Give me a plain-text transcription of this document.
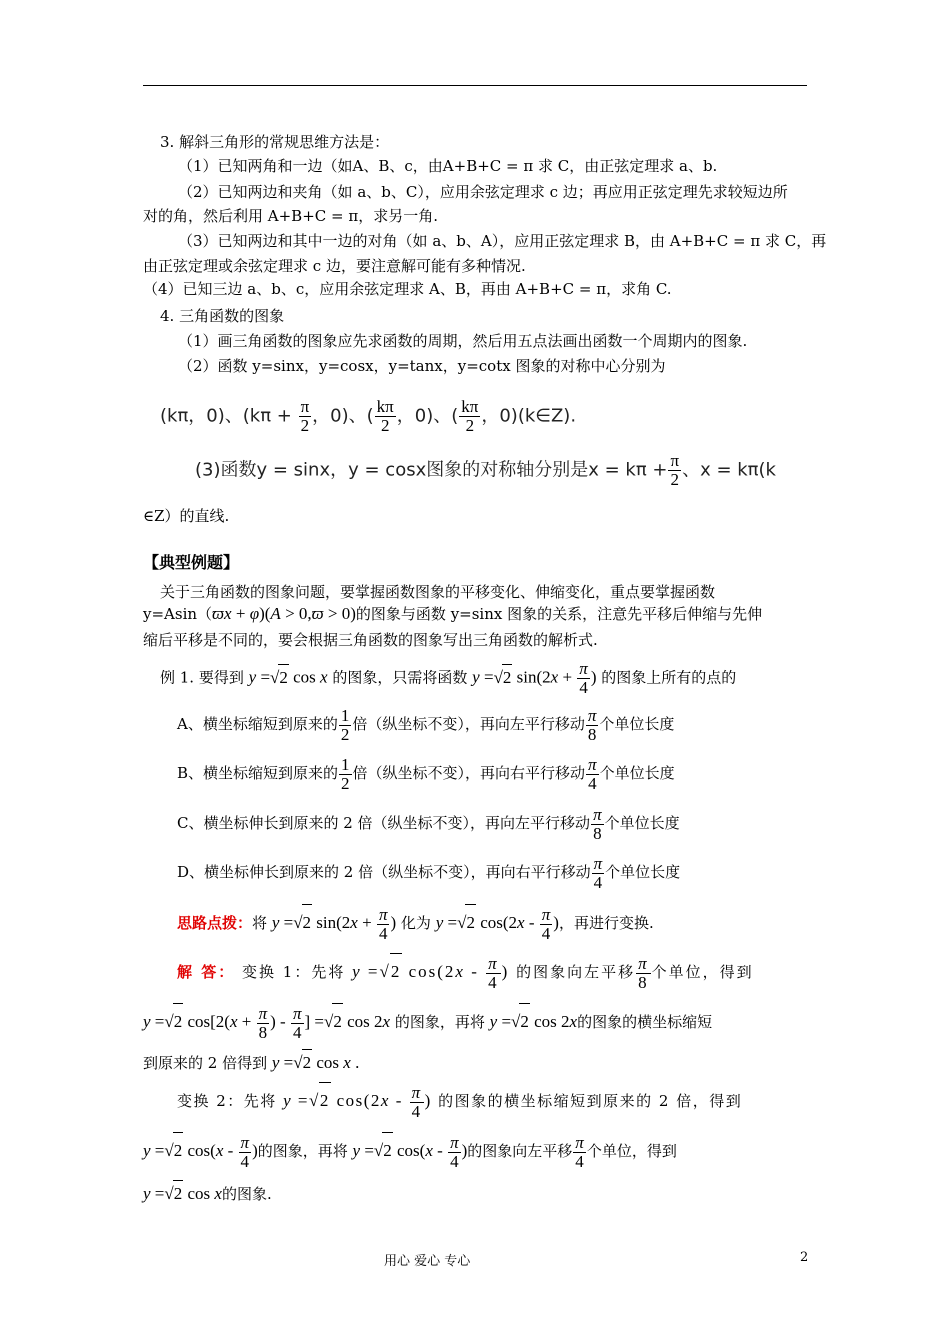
3. 解斜三角形的常规思维方法是：
（1）已知两角和一边（如A、B、c，由A+B+C = π 求 C，由正弦定理求 a、b.
（2）已知两边和夹角（如 a、b、C），应用余弦定理求 c 边；再应用正弦定理先求较短边所
对的角，然后利用 A+B+C = π，求另一角.
（3）已知两边和其中一边的对角（如 a、b、A），应用正弦定理求 B，由 A+B+C = π 求 C，再
由正弦定理或余弦定理求 c 边，要注意解可能有多种情况.
（4）已知三边 a、b、c，应用余弦定理求 A、B，再由 A+B+C = π，求角 C.
4. 三角函数的图象
（1）画三角函数的图象应先求函数的周期，然后用五点法画出函数一个周期内的图象.
（2）函数 y=sinx，y=cosx，y=tanx，y=cotx 图象的对称中心分别为
(kπ，0)、($k\pi + \frac{\pi}{2}$ ，0)、( $\frac{k\pi}{2}$ ，0)、( $\frac{k\pi}{2}$ ，0)(k∈Z).
(3)函数y = sinx，y = cosx图象的对称轴分别是$x = k\pi + \frac{\pi}{2}$ 、x = kπ(k
∈Z）的直线.
【典型例题】
关于三角函数的图象问题，要掌握函数图象的平移变化、伸缩变化，重点要掌握函数
y=Asin（ϖx + φ)(A > 0,ϖ > 0)的图象与函数 y=sinx 图象的关系，注意先平移后伸缩与先伸
缩后平移是不同的，要会根据三角函数的图象写出三角函数的解析式.
例 1. 要得到 y =√2 cos x 的图象，只需将函数 y =√2 $\sin(2x + \frac{\pi}{4}$ ) 的图象上所有的点的
A、横坐标缩短到原来的 $\frac{1}{2}$ 倍（纵坐标不变），再向左平行移动 $\frac{\pi}{8}$ 个单位长度
B、横坐标缩短到原来的 $\frac{1}{2}$ 倍（纵坐标不变），再向右平行移动 $\frac{\pi}{4}$ 个单位长度
C、横坐标伸长到原来的 2 倍（纵坐标不变），再向左平行移动 $\frac{\pi}{8}$ 个单位长度
D、横坐标伸长到原来的 2 倍（纵坐标不变），再向右平行移动 $\frac{\pi}{4}$ 个单位长度
思路点拨：将 y =√2 $\sin(2x + \frac{\pi}{4}$ ) 化为 y =√2 $\cos(2x - \frac{\pi}{4}$ )，再进行变换.
解 答： 变换 1：先将 y =√2 $\cos(2x - \frac{\pi}{4}$ ) 的图象向左平移 $\frac{\pi}{8}$ 个单位，得到
y =√2 $\cos[2(x + \frac{\pi}{8}$ ) - $\frac{\pi}{4}$ ] =√2 cos 2x 的图象，再将 y =√2 cos 2x的图象的横坐标缩短
到原来的 2 倍得到 y =√2 cos x .
变换 2：先将 y =√2 $\cos(2x - \frac{\pi}{4}$ ) 的图象的横坐标缩短到原来的 2 倍，得到
y =√2 $\cos(x - \frac{\pi}{4}$ )的图象，再将 y =√2 $\cos(x - \frac{\pi}{4}$ )的图象向左平移 $\frac{\pi}{4}$ 个单位，得到
y =√2 cos x的图象.
用心 爱心 专心	2
